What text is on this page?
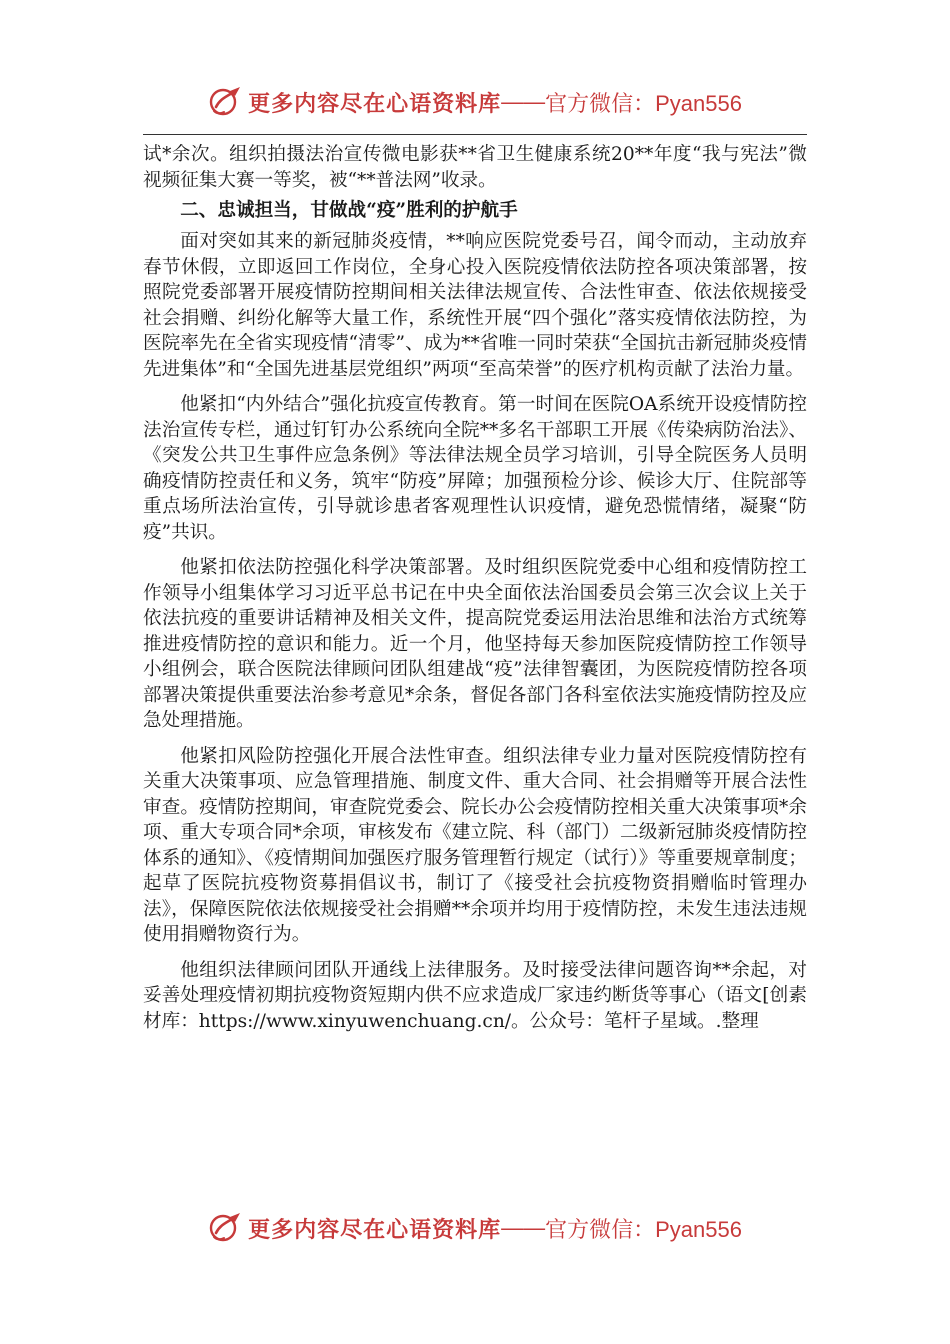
更多内容尽在心语资料库 —— 官方微信：Pyan556

试*余次。组织拍摄法治宣传微电影获**省卫生健康系统20**年度“我与宪法”微视频征集大赛一等奖，被“**普法网”收录。

二、忠诚担当，甘做战“疫”胜利的护航手

面对突如其来的新冠肺炎疫情，**响应医院党委号召，闻令而动，主动放弃春节休假，立即返回工作岗位，全身心投入医院疫情依法防控各项决策部署，按照院党委部署开展疫情防控期间相关法律法规宣传、合法性审查、依法依规接受社会捐赠、纠纷化解等大量工作，系统性开展“四个强化”落实疫情依法防控，为医院率先在全省实现疫情“清零”、成为**省唯一同时荣获“全国抗击新冠肺炎疫情先进集体”和“全国先进基层党组织”两项“至高荣誉”的医疗机构贡献了法治力量。

他紧扣“内外结合”强化抗疫宣传教育。第一时间在医院OA系统开设疫情防控法治宣传专栏，通过钉钉办公系统向全院**多名干部职工开展《传染病防治法》、《突发公共卫生事件应急条例》等法律法规全员学习培训，引导全院医务人员明确疫情防控责任和义务，筑牢“防疫”屏障；加强预检分诊、候诊大厅、住院部等重点场所法治宣传，引导就诊患者客观理性认识疫情，避免恐慌情绪，凝聚“防疫”共识。

他紧扣依法防控强化科学决策部署。及时组织医院党委中心组和疫情防控工作领导小组集体学习习近平总书记在中央全面依法治国委员会第三次会议上关于依法抗疫的重要讲话精神及相关文件，提高院党委运用法治思维和法治方式统筹推进疫情防控的意识和能力。近一个月，他坚持每天参加医院疫情防控工作领导小组例会，联合医院法律顾问团队组建战“疫”法律智囊团，为医院疫情防控各项部署决策提供重要法治参考意见*余条，督促各部门各科室依法实施疫情防控及应急处理措施。

他紧扣风险防控强化开展合法性审查。组织法律专业力量对医院疫情防控有关重大决策事项、应急管理措施、制度文件、重大合同、社会捐赠等开展合法性审查。疫情防控期间，审查院党委会、院长办公会疫情防控相关重大决策事项*余项、重大专项合同*余项，审核发布《建立院、科（部门）二级新冠肺炎疫情防控体系的通知》、《疫情期间加强医疗服务管理暂行规定（试行）》等重要规章制度；起草了医院抗疫物资募捐倡议书，制订了《接受社会抗疫物资捐赠临时管理办法》，保障医院依法依规接受社会捐赠**余项并均用于疫情防控，未发生违法违规使用捐赠物资行为。

他组织法律顾问团队开通线上法律服务。及时接受法律问题咨询**余起，对妥善处理疫情初期抗疫物资短期内供不应求造成厂家违约断货等事心（语文[创素材库：https://www.xinyuwenchuang.cn/。公众号：笔杆子星域。.整理

更多内容尽在心语资料库 —— 官方微信：Pyan556
